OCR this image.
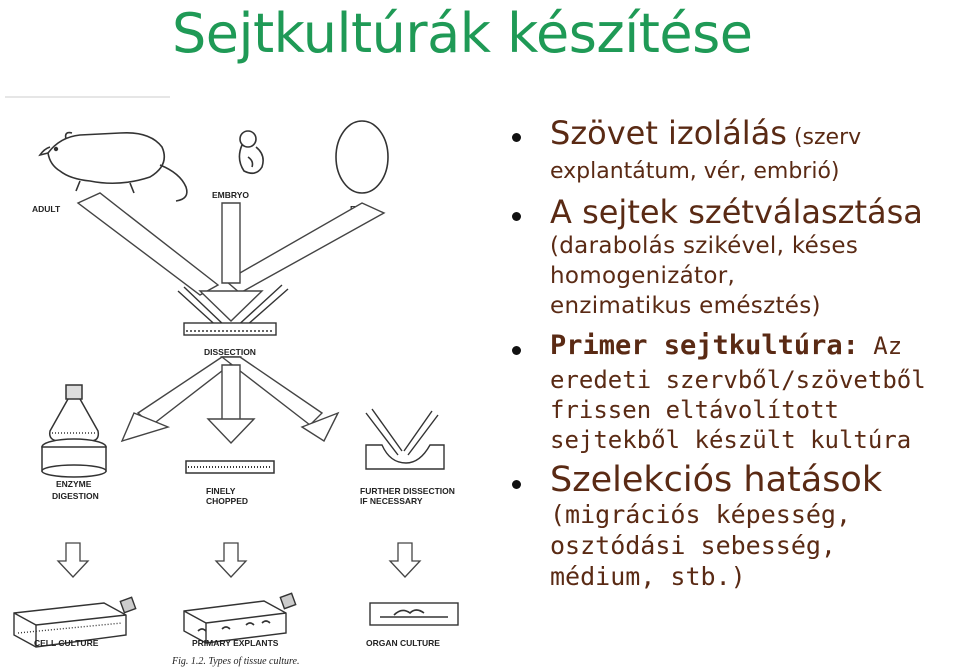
Sejtkultúrák készítése
ADULT
EMBRYO
DISSECTION
ENZYME
DIGESTION	FINELY
CHOPPED
FURTHER DISSECTION
IF NECESSARY
CELL CULTURE	PRIMARY EXPLANTS	ORGAN CULTURE
Fig. 1.2. Types of tissue culture.
Szövet izolálás (szerv
explantátum, vér, embrió)
A sejtek szétválasztása
(darabolás szikével, késes
homogenizátor,
enzimatikus emésztés)
Primer sejtkultúra: Az
eredeti szervből/szövetből
frissen eltávolított
sejtekből készült kultúra
Szelekciós hatások
(migrációs képesség,
osztódási sebesség,
médium, stb.)
